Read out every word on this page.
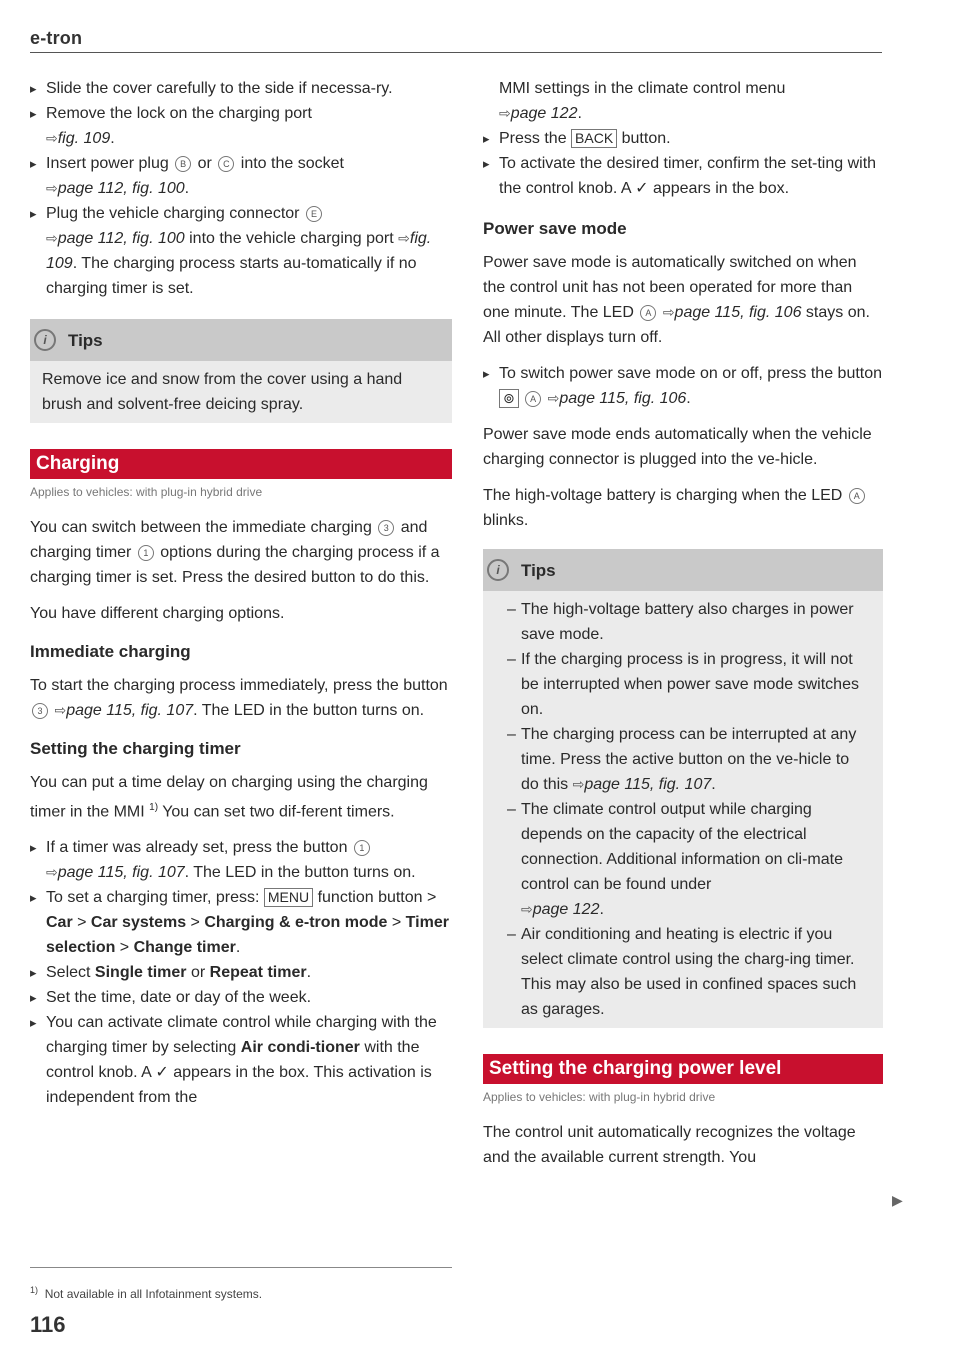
e-tron

▸ Slide the cover carefully to the side if necessa-ry.

▸ Remove the lock on the charging port
⇨fig. 109.

▸ Insert power plug B or C into the socket
⇨page 112, fig. 100.

▸ Plug the vehicle charging connector E
⇨page 112, fig. 100 into the vehicle charging port ⇨fig. 109. The charging process starts au-tomatically if no charging timer is set.

i	Tips

Remove ice and snow from the cover using a hand brush and solvent-free deicing spray.

Charging

Applies to vehicles: with plug-in hybrid drive

You can switch between the immediate charging 3 and charging timer 1 options during the charging process if a charging timer is set. Press the desired button to do this.

You have different charging options.

Immediate charging

To start the charging process immediately, press the button 3 ⇨page 115, fig. 107. The LED in the button turns on.

Setting the charging timer

You can put a time delay on charging using the charging timer in the MMI $^{1)}$ You can set two dif-ferent timers.

▸ If a timer was already set, press the button 1
⇨page 115, fig. 107. The LED in the button turns on.

▸ To set a charging timer, press: MENU function button > Car > Car systems > Charging & e-tron mode > Timer selection > Change timer.

▸ Select Single timer or Repeat timer.

▸ Set the time, date or day of the week.

▸ You can activate climate control while charging with the charging timer by selecting Air condi-tioner with the control knob. A ✓ appears in the box. This activation is independent from the

MMI settings in the climate control menu
⇨page 122.

▸ Press the BACK button.

▸ To activate the desired timer, confirm the set-ting with the control knob. A ✓ appears in the box.

Power save mode

Power save mode is automatically switched on when the control unit has not been operated for more than one minute. The LED A ⇨page 115, fig. 106 stays on. All other displays turn off.

▸ To switch power save mode on or off, press the button ⊚ A ⇨page 115, fig. 106.

Power save mode ends automatically when the vehicle charging connector is plugged into the ve-hicle.

The high-voltage battery is charging when the LED A blinks.

i	Tips

– The high-voltage battery also charges in power save mode.

– If the charging process is in progress, it will not be interrupted when power save mode switches on.

– The charging process can be interrupted at any time. Press the active button on the ve-hicle to do this ⇨page 115, fig. 107.

– The climate control output while charging depends on the capacity of the electrical connection. Additional information on cli-mate control can be found under
⇨page 122.

– Air conditioning and heating is electric if you select climate control using the charg-ing timer. This may also be used in confined spaces such as garages.

Setting the charging power level

Applies to vehicles: with plug-in hybrid drive

The control unit automatically recognizes the voltage and the available current strength. You

▶
$^{1)}$ Not available in all Infotainment systems.
116
